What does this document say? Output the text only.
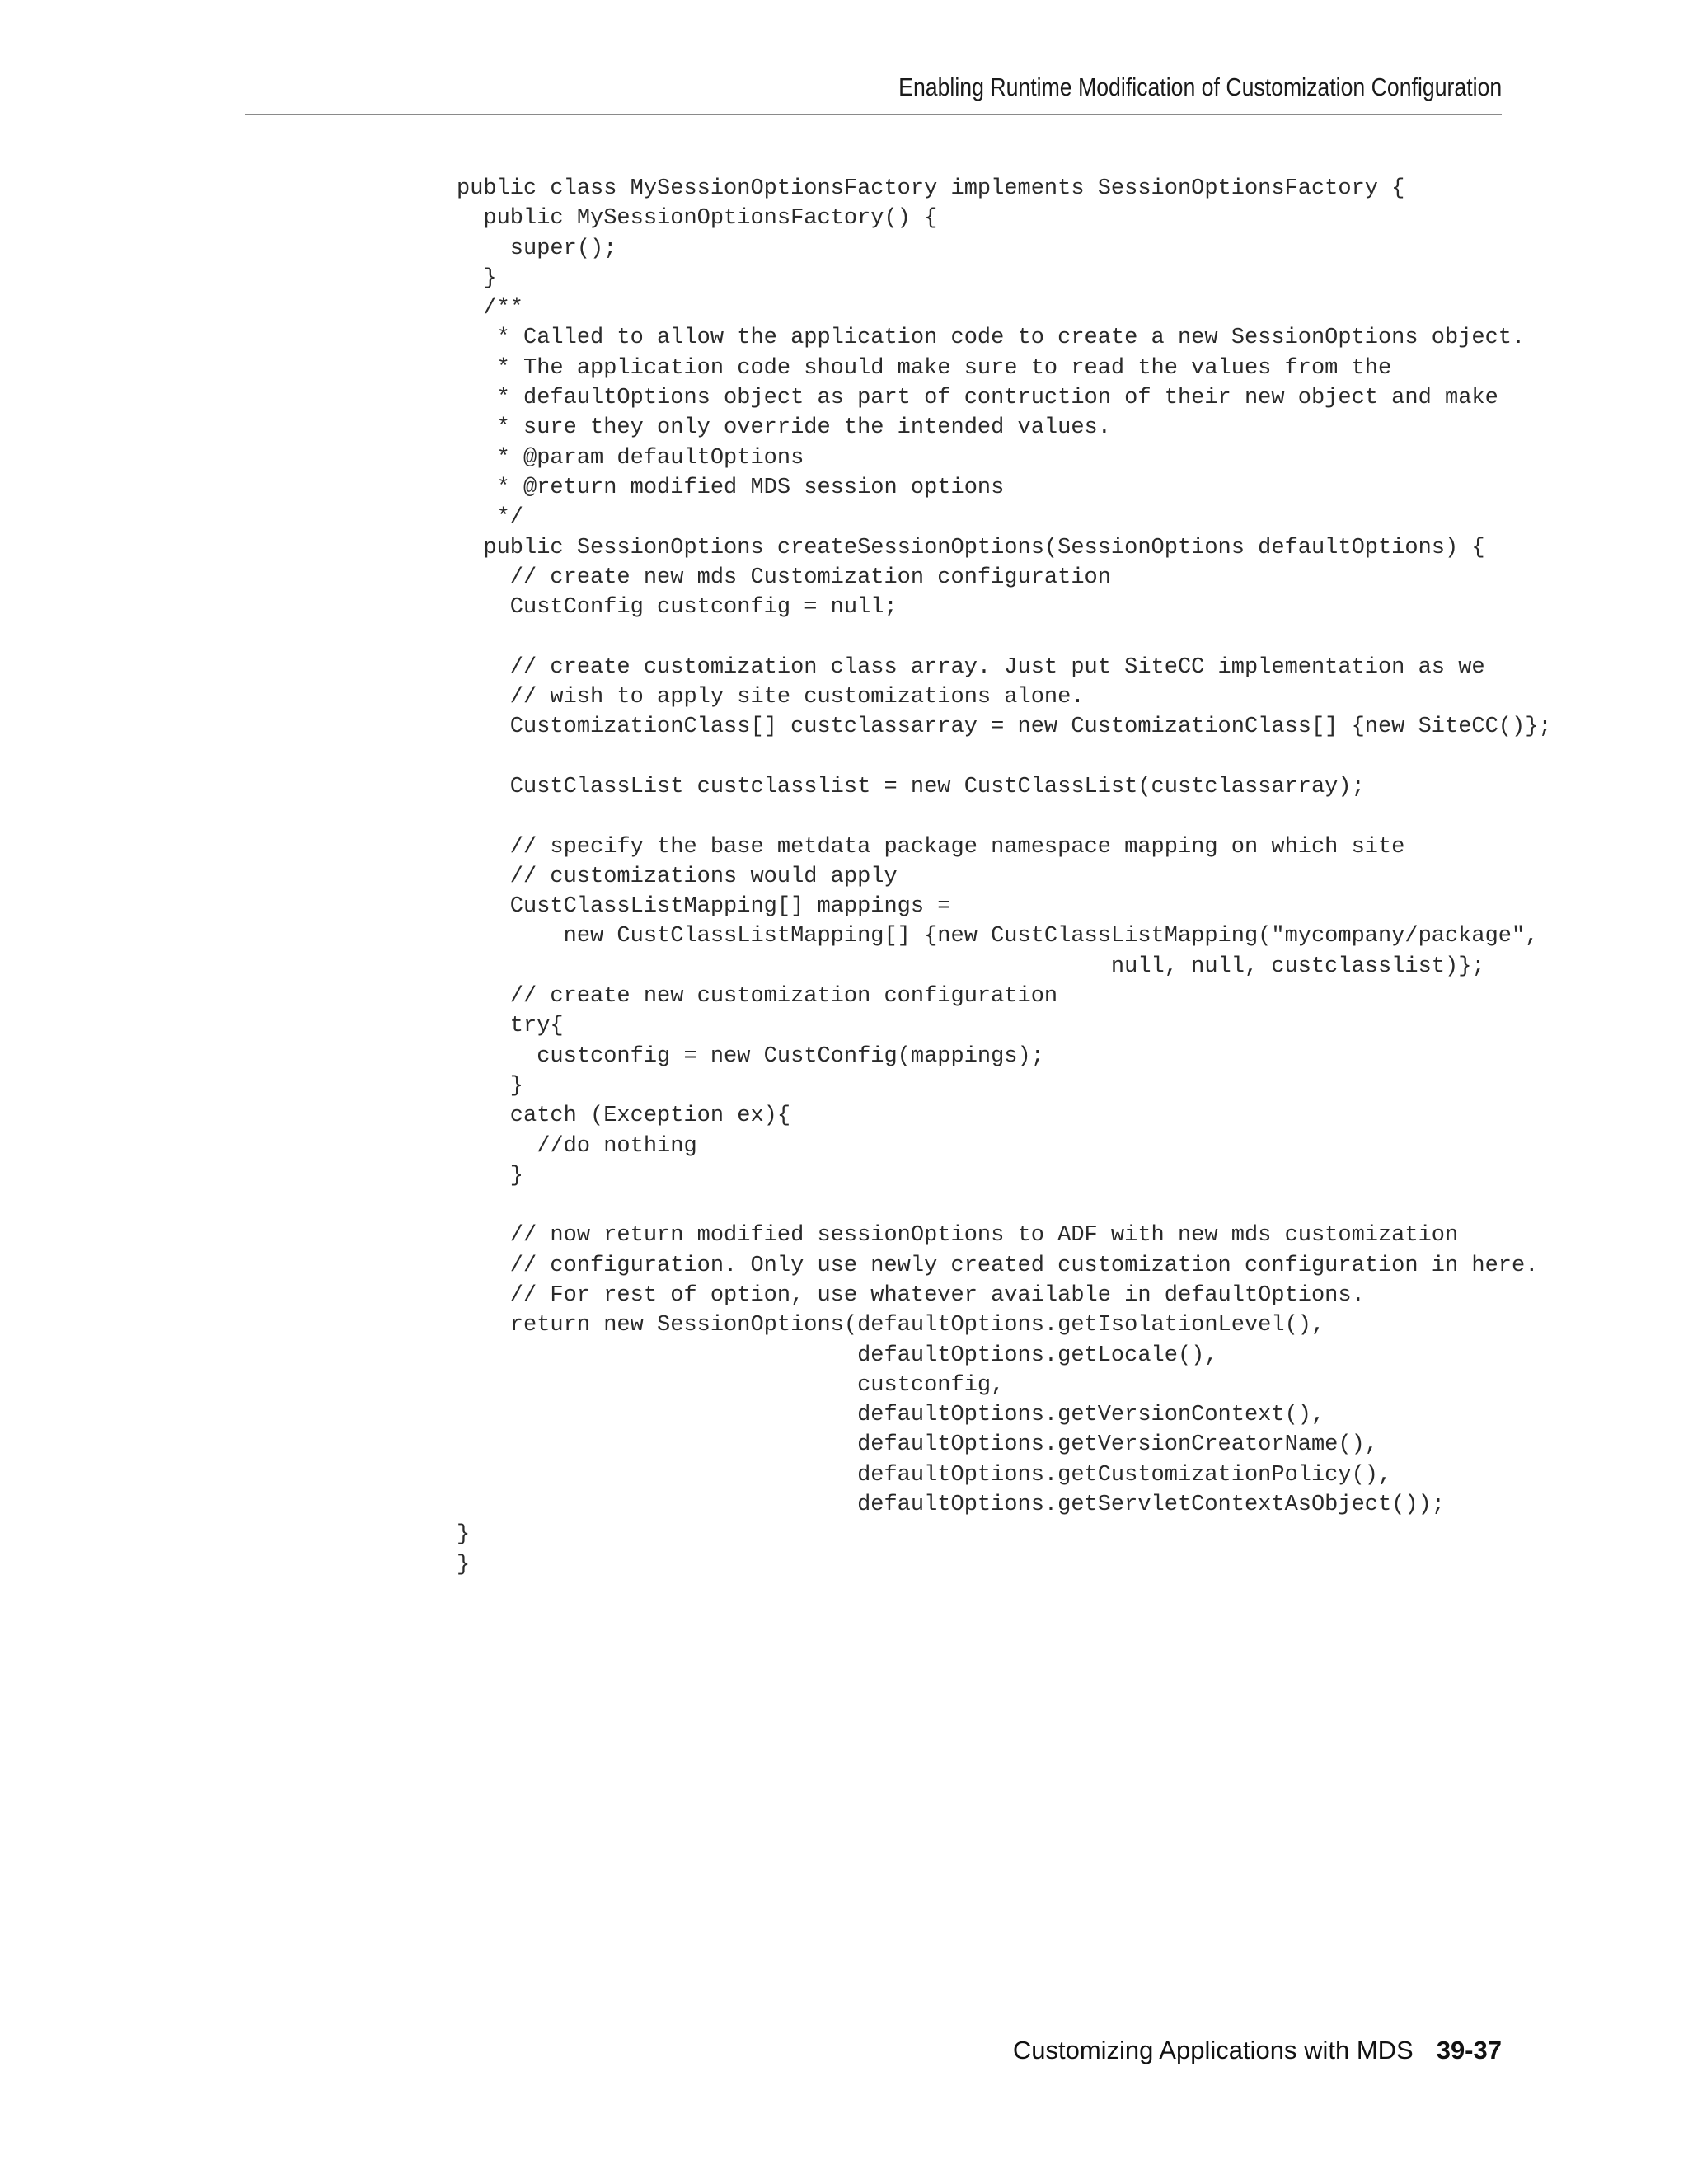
Enabling Runtime Modification of Customization Configuration
public class MySessionOptionsFactory implements SessionOptionsFactory {
public MySessionOptionsFactory() {
super();
}
/**
* Called to allow the application code to create a new SessionOptions object.
* The application code should make sure to read the values from the
* defaultOptions object as part of contruction of their new object and make
* sure they only override the intended values.
* @param defaultOptions
* @return modified MDS session options
*/
public SessionOptions createSessionOptions(SessionOptions defaultOptions) {
// create new mds Customization configuration
CustConfig custconfig = null;
// create customization class array. Just put SiteCC implementation as we
// wish to apply site customizations alone.
CustomizationClass[] custclassarray = new CustomizationClass[] {new SiteCC()};
CustClassList custclasslist = new CustClassList(custclassarray);
// specify the base metdata package namespace mapping on which site
// customizations would apply
CustClassListMapping[] mappings =
new CustClassListMapping[] {new CustClassListMapping("mycompany/package",
null, null, custclasslist)};
// create new customization configuration
try{
custconfig = new CustConfig(mappings);
}
catch (Exception ex){
//do nothing
}
// now return modified sessionOptions to ADF with new mds customization
// configuration. Only use newly created customization configuration in here.
// For rest of option, use whatever available in defaultOptions.
return new SessionOptions(defaultOptions.getIsolationLevel(),
defaultOptions.getLocale(),
custconfig,
defaultOptions.getVersionContext(),
defaultOptions.getVersionCreatorName(),
defaultOptions.getCustomizationPolicy(),
defaultOptions.getServletContextAsObject());
}
}
Customizing Applications with MDS 39-37
